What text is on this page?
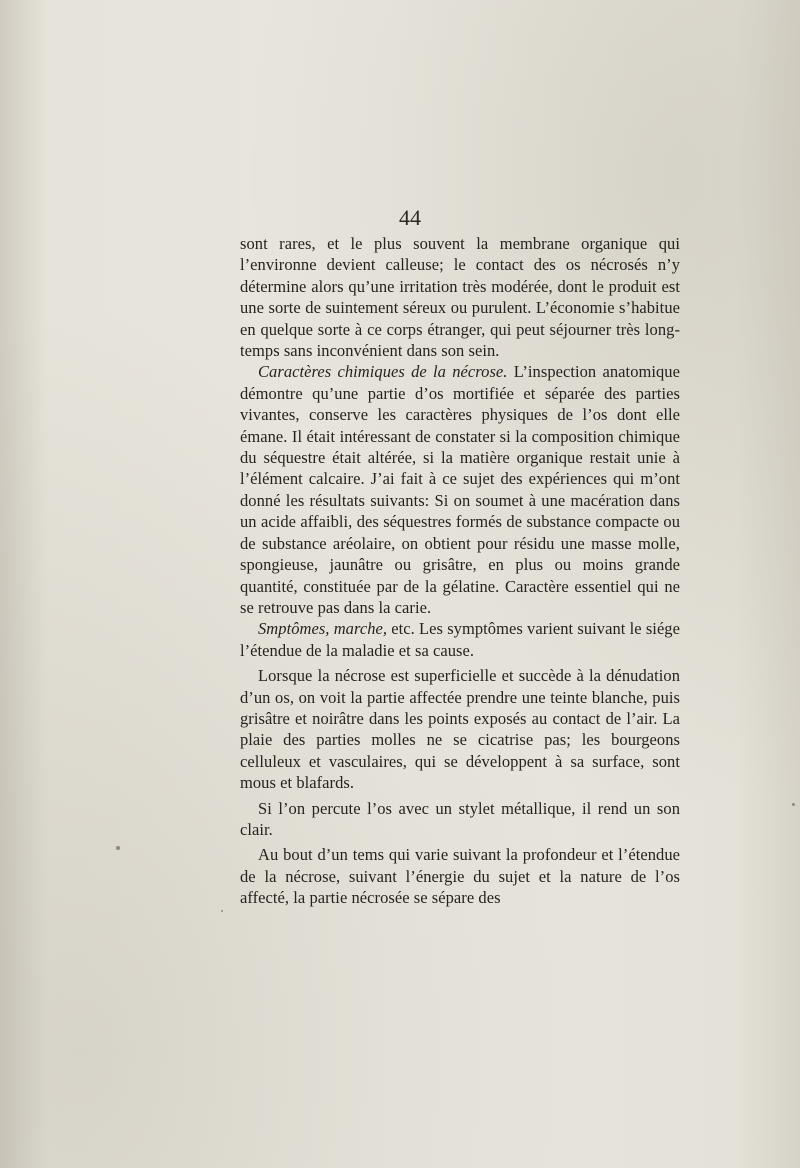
44

sont rares, et le plus souvent la membrane organique qui l’environne devient calleuse; le contact des os nécrosés n’y détermine alors qu’une irritation très modérée, dont le produit est une sorte de suintement séreux ou purulent. L’économie s’habitue en quelque sorte à ce corps étranger, qui peut séjourner très long-temps sans inconvénient dans son sein.

Caractères chimiques de la nécrose. L’inspection anatomique démontre qu’une partie d’os mortifiée et séparée des parties vivantes, conserve les caractères physiques de l’os dont elle émane. Il était intéressant de constater si la composition chimique du séquestre était altérée, si la matière organique restait unie à l’élément calcaire. J’ai fait à ce sujet des expériences qui m’ont donné les résultats suivants: Si on soumet à une macération dans un acide affaibli, des séquestres formés de substance compacte ou de substance aréolaire, on obtient pour résidu une masse molle, spongieuse, jaunâtre ou grisâtre, en plus ou moins grande quantité, constituée par de la gélatine. Caractère essentiel qui ne se retrouve pas dans la carie.

Smptômes, marche, etc. Les symptômes varient suivant le siége l’étendue de la maladie et sa cause.

Lorsque la nécrose est superficielle et succède à la dénudation d’un os, on voit la partie affectée prendre une teinte blanche, puis grisâtre et noirâtre dans les points exposés au contact de l’air. La plaie des parties molles ne se cicatrise pas; les bourgeons celluleux et vasculaires, qui se développent à sa surface, sont mous et blafards.

Si l’on percute l’os avec un stylet métallique, il rend un son clair.

Au bout d’un tems qui varie suivant la profondeur et l’étendue de la nécrose, suivant l’énergie du sujet et la nature de l’os affecté, la partie nécrosée se sépare des
